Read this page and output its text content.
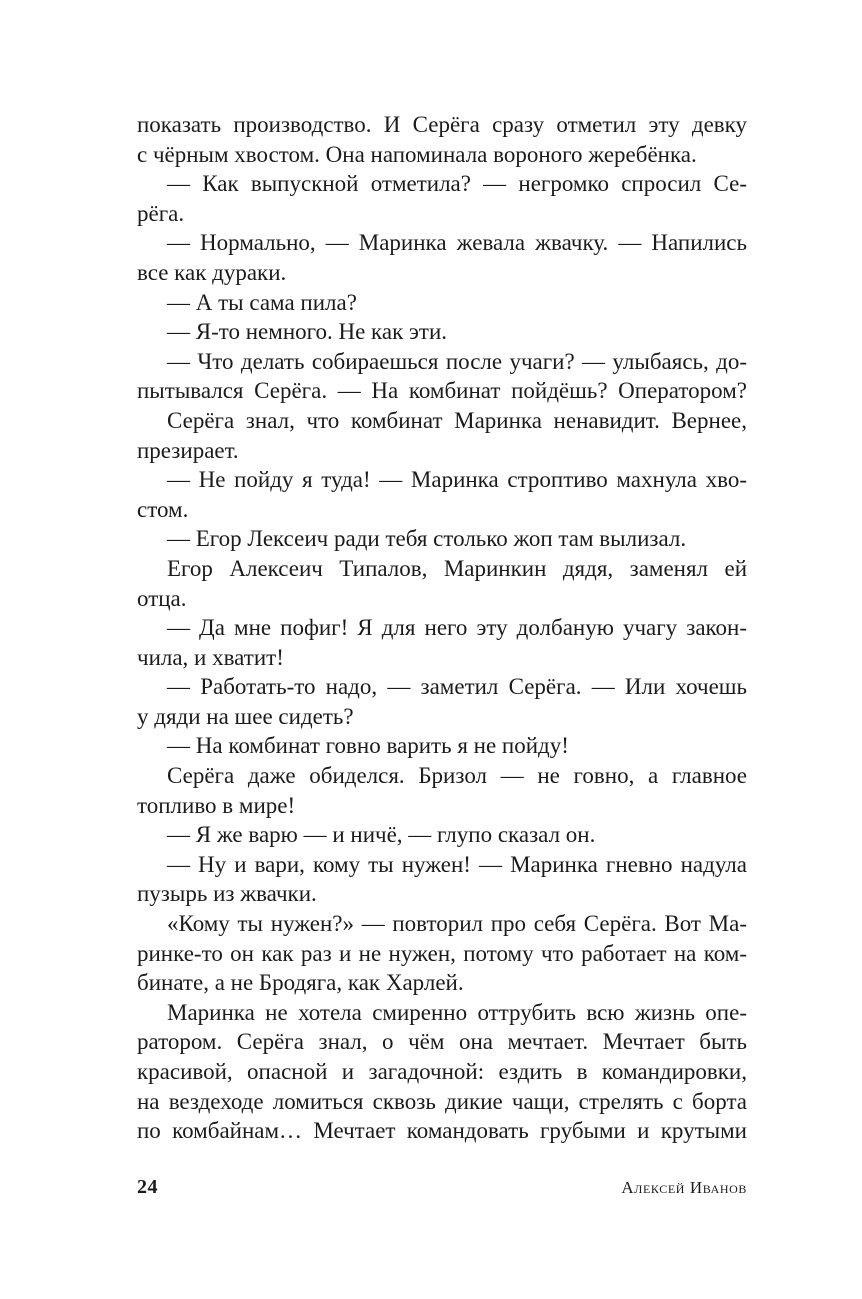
показать производство. И Серёга сразу отметил эту девку
с чёрным хвостом. Она напоминала вороного жеребёнка.
— Как выпускной отметила? — негромко спросил Се-
рёга.
— Нормально, — Маринка жевала жвачку. — Напились
все как дураки.
— А ты сама пила?
— Я-то немного. Не как эти.
— Что делать собираешься после учаги? — улыбаясь, до-
пытывался Серёга. — На комбинат пойдёшь? Оператором?
Серёга знал, что комбинат Маринка ненавидит. Вернее,
презирает.
— Не пойду я туда! — Маринка строптиво махнула хво-
стом.
— Егор Лексеич ради тебя столько жоп там вылизал.
Егор Алексеич Типалов, Маринкин дядя, заменял ей
отца.
— Да мне пофиг! Я для него эту долбаную учагу закон-
чила, и хватит!
— Работать-то надо, — заметил Серёга. — Или хочешь
у дяди на шее сидеть?
— На комбинат говно варить я не пойду!
Серёга даже обиделся. Бризол — не говно, а главное
топливо в мире!
— Я же варю — и ничё, — глупо сказал он.
— Ну и вари, кому ты нужен! — Маринка гневно надула
пузырь из жвачки.
«Кому ты нужен?» — повторил про себя Серёга. Вот Ма-
ринке-то он как раз и не нужен, потому что работает на ком-
бинате, а не Бродяга, как Харлей.
Маринка не хотела смиренно оттрубить всю жизнь опе-
ратором. Серёга знал, о чём она мечтает. Мечтает быть
красивой, опасной и загадочной: ездить в командировки,
на вездеходе ломиться сквозь дикие чащи, стрелять с борта
по комбайнам… Мечтает командовать грубыми и крутыми
24	Алексей Иванов
